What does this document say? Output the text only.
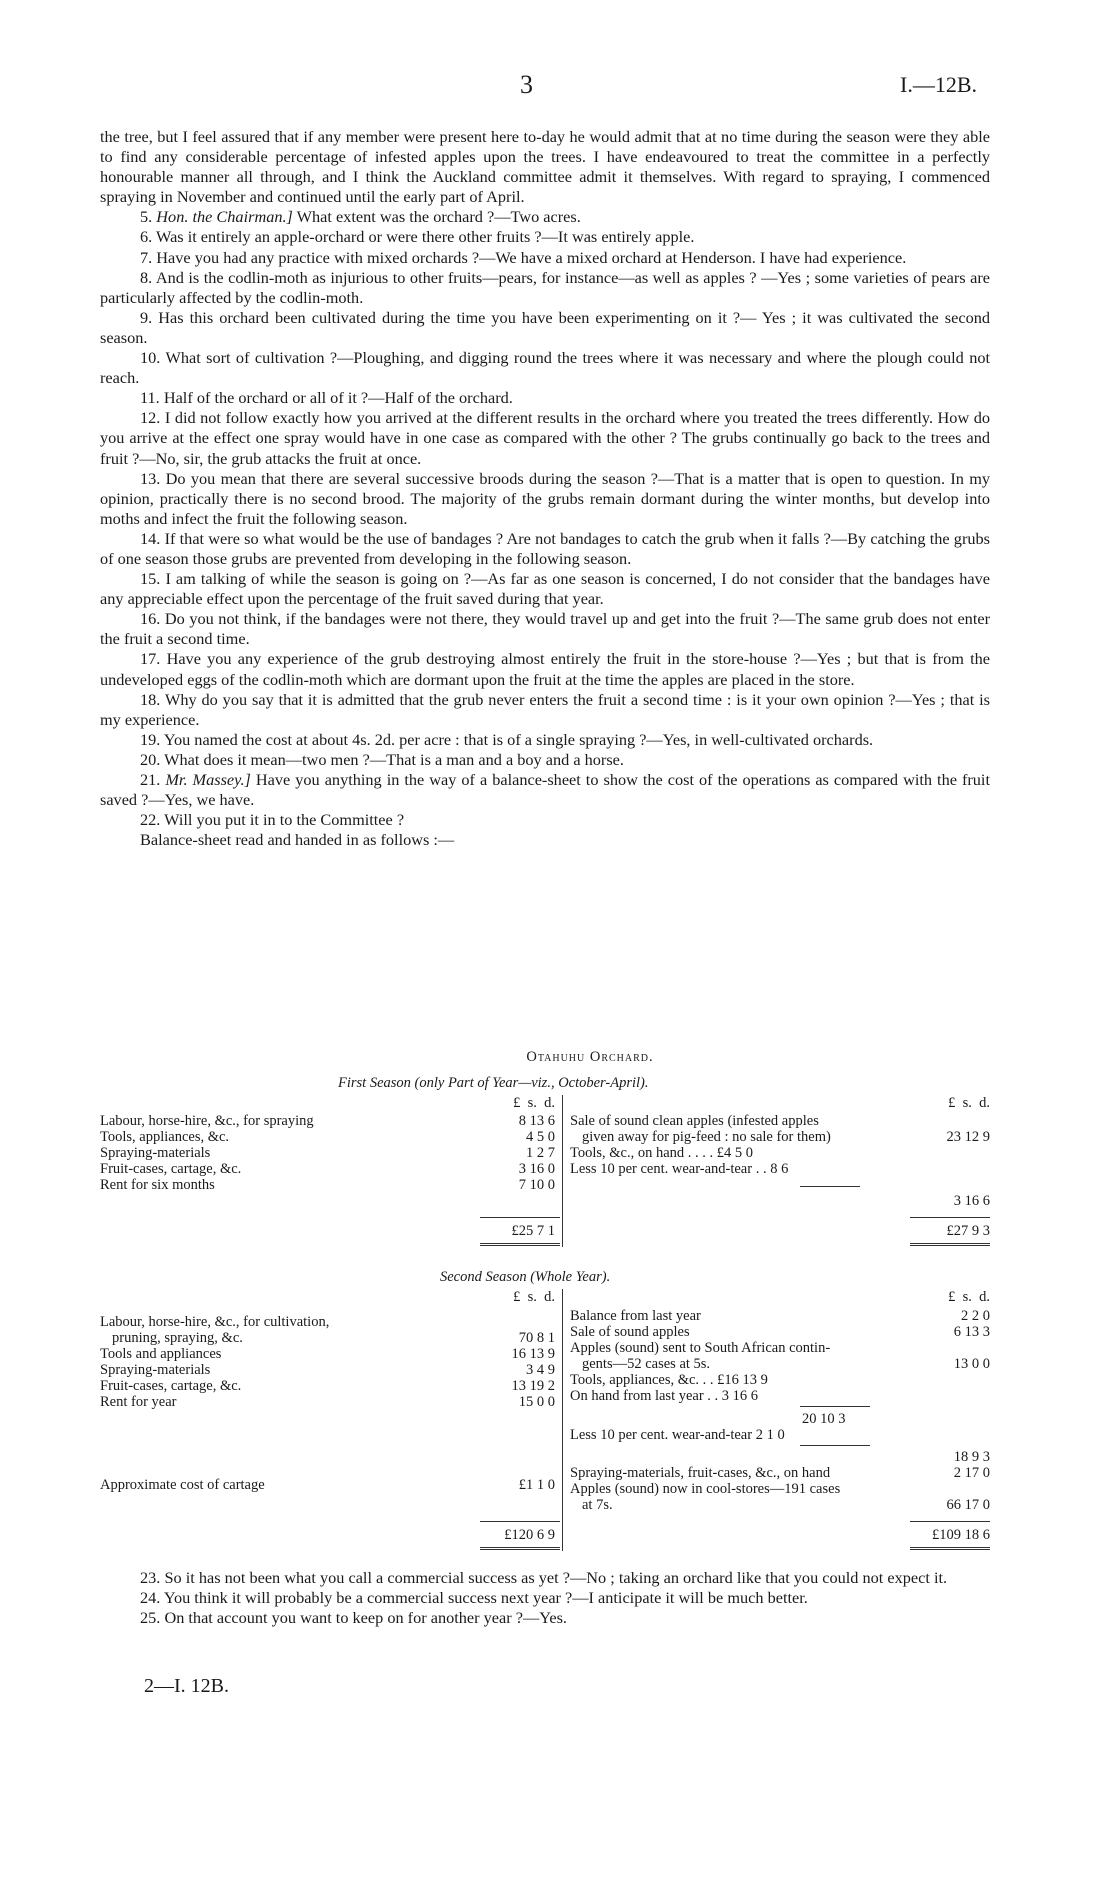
3	I.—12B.

the tree, but I feel assured that if any member were present here to-day he would admit that at no time during the season were they able to find any considerable percentage of infested apples upon the trees. I have endeavoured to treat the committee in a perfectly honourable manner all through, and I think the Auckland committee admit it themselves. With regard to spraying, I commenced spraying in November and continued until the early part of April.

5. Hon. the Chairman.] What extent was the orchard ?—Two acres.

6. Was it entirely an apple-orchard or were there other fruits ?—It was entirely apple.

7. Have you had any practice with mixed orchards ?—We have a mixed orchard at Henderson. I have had experience.

8. And is the codlin-moth as injurious to other fruits—pears, for instance—as well as apples ? —Yes ; some varieties of pears are particularly affected by the codlin-moth.

9. Has this orchard been cultivated during the time you have been experimenting on it ?— Yes ; it was cultivated the second season.

10. What sort of cultivation ?—Ploughing, and digging round the trees where it was necessary and where the plough could not reach.

11. Half of the orchard or all of it ?—Half of the orchard.

12. I did not follow exactly how you arrived at the different results in the orchard where you treated the trees differently. How do you arrive at the effect one spray would have in one case as compared with the other ? The grubs continually go back to the trees and fruit ?—No, sir, the grub attacks the fruit at once.

13. Do you mean that there are several successive broods during the season ?—That is a matter that is open to question. In my opinion, practically there is no second brood. The majority of the grubs remain dormant during the winter months, but develop into moths and infect the fruit the following season.

14. If that were so what would be the use of bandages ? Are not bandages to catch the grub when it falls ?—By catching the grubs of one season those grubs are prevented from developing in the following season.

15. I am talking of while the season is going on ?—As far as one season is concerned, I do not consider that the bandages have any appreciable effect upon the percentage of the fruit saved during that year.

16. Do you not think, if the bandages were not there, they would travel up and get into the fruit ?—The same grub does not enter the fruit a second time.

17. Have you any experience of the grub destroying almost entirely the fruit in the store-house ?—Yes ; but that is from the undeveloped eggs of the codlin-moth which are dormant upon the fruit at the time the apples are placed in the store.

18. Why do you say that it is admitted that the grub never enters the fruit a second time : is it your own opinion ?—Yes ; that is my experience.

19. You named the cost at about 4s. 2d. per acre : that is of a single spraying ?—Yes, in well-cultivated orchards.

20. What does it mean—two men ?—That is a man and a boy and a horse.

21. Mr. Massey.] Have you anything in the way of a balance-sheet to show the cost of the operations as compared with the fruit saved ?—Yes, we have.

22. Will you put it in to the Committee ?

Balance-sheet read and handed in as follows :—

Otahuhu Orchard.
First Season (only Part of Year—viz., October-April).
£ s. d.	£ s. d.
Labour, horse-hire, &c., for spraying	8 13 6
Tools, appliances, &c.	4 5 0
Spraying-materials	1 2 7
Fruit-cases, cartage, &c.	3 16 0
Rent for six months	7 10 0
Sale of sound clean apples (infested apples
given away for pig-feed : no sale for them)	23 12 9
Tools, &c., on hand . . . . £4 5 0
Less 10 per cent. wear-and-tear . . 8 6
3 16 6
£25 7 1	£27 9 3
Second Season (Whole Year).
£ s. d.	£ s. d.
Labour, horse-hire, &c., for cultivation,
pruning, spraying, &c.	70 8 1
Tools and appliances	16 13 9
Spraying-materials	3 4 9
Fruit-cases, cartage, &c.	13 19 2
Rent for year	15 0 0
Approximate cost of cartage	£1 1 0
Balance from last year	2 2 0
Sale of sound apples	6 13 3
Apples (sound) sent to South African contin-
gents—52 cases at 5s.	13 0 0
Tools, appliances, &c. . . £16 13 9
On hand from last year . . 3 16 6
20 10 3
Less 10 per cent. wear-and-tear 2 1 0
18 9 3
Spraying-materials, fruit-cases, &c., on hand	2 17 0
Apples (sound) now in cool-stores—191 cases
at 7s.	66 17 0
£120 6 9	£109 18 6

23. So it has not been what you call a commercial success as yet ?—No ; taking an orchard like that you could not expect it.

24. You think it will probably be a commercial success next year ?—I anticipate it will be much better.

25. On that account you want to keep on for another year ?—Yes.

2—I. 12B.
